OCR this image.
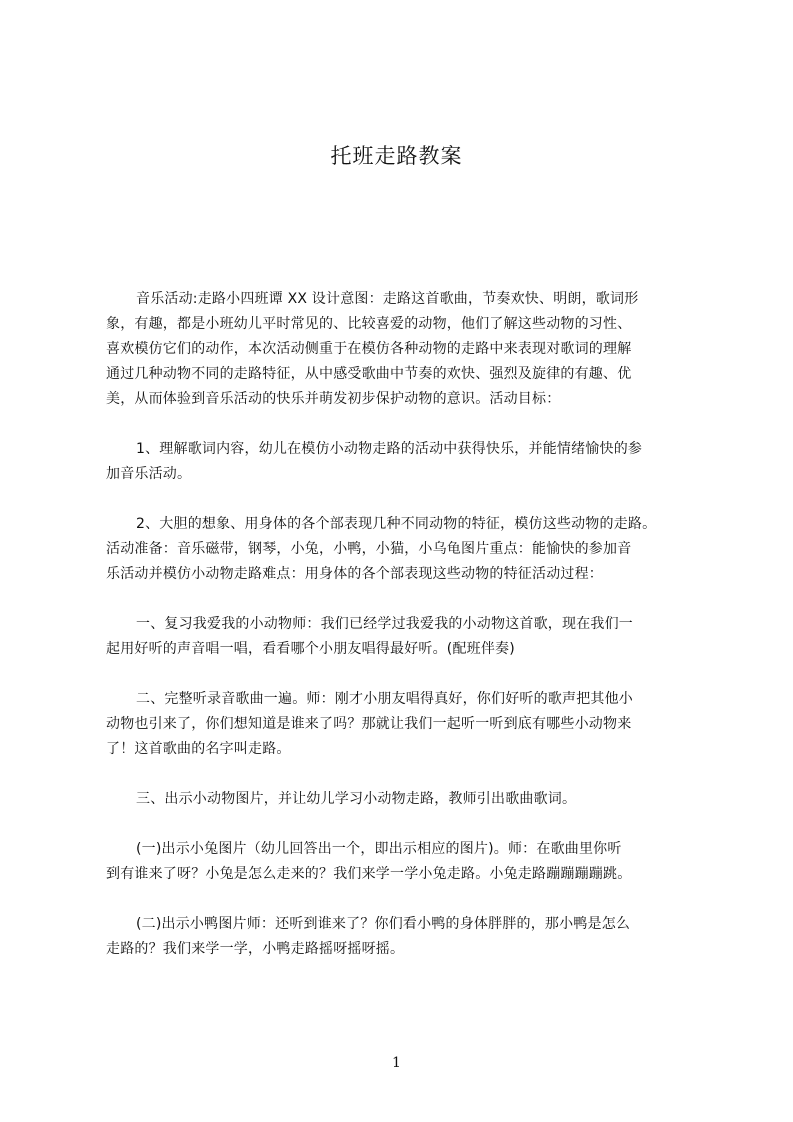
托班走路教案
音乐活动:走路小四班谭 XX 设计意图：走路这首歌曲，节奏欢快、明朗，歌词形
象，有趣，都是小班幼儿平时常见的、比较喜爱的动物，他们了解这些动物的习性、
喜欢模仿它们的动作，本次活动侧重于在模仿各种动物的走路中来表现对歌词的理解
通过几种动物不同的走路特征，从中感受歌曲中节奏的欢快、强烈及旋律的有趣、优
美，从而体验到音乐活动的快乐并萌发初步保护动物的意识。活动目标：
1、理解歌词内容，幼儿在模仿小动物走路的活动中获得快乐，并能情绪愉快的参
加音乐活动。
2、大胆的想象、用身体的各个部表现几种不同动物的特征，模仿这些动物的走路。
活动准备：音乐磁带，钢琴，小兔，小鸭，小猫，小乌龟图片重点：能愉快的参加音
乐活动并模仿小动物走路难点：用身体的各个部表现这些动物的特征活动过程：
一、复习我爱我的小动物师：我们已经学过我爱我的小动物这首歌，现在我们一
起用好听的声音唱一唱，看看哪个小朋友唱得最好听。(配班伴奏)
二、完整听录音歌曲一遍。师：刚才小朋友唱得真好，你们好听的歌声把其他小
动物也引来了，你们想知道是谁来了吗？那就让我们一起听一听到底有哪些小动物来
了！这首歌曲的名字叫走路。
三、出示小动物图片，并让幼儿学习小动物走路，教师引出歌曲歌词。
(一)出示小兔图片（幼儿回答出一个，即出示相应的图片)。师：在歌曲里你听
到有谁来了呀？小兔是怎么走来的？我们来学一学小兔走路。小兔走路蹦蹦蹦蹦跳。
(二)出示小鸭图片师：还听到谁来了？你们看小鸭的身体胖胖的，那小鸭是怎么
走路的？我们来学一学，小鸭走路摇呀摇呀摇。
1
